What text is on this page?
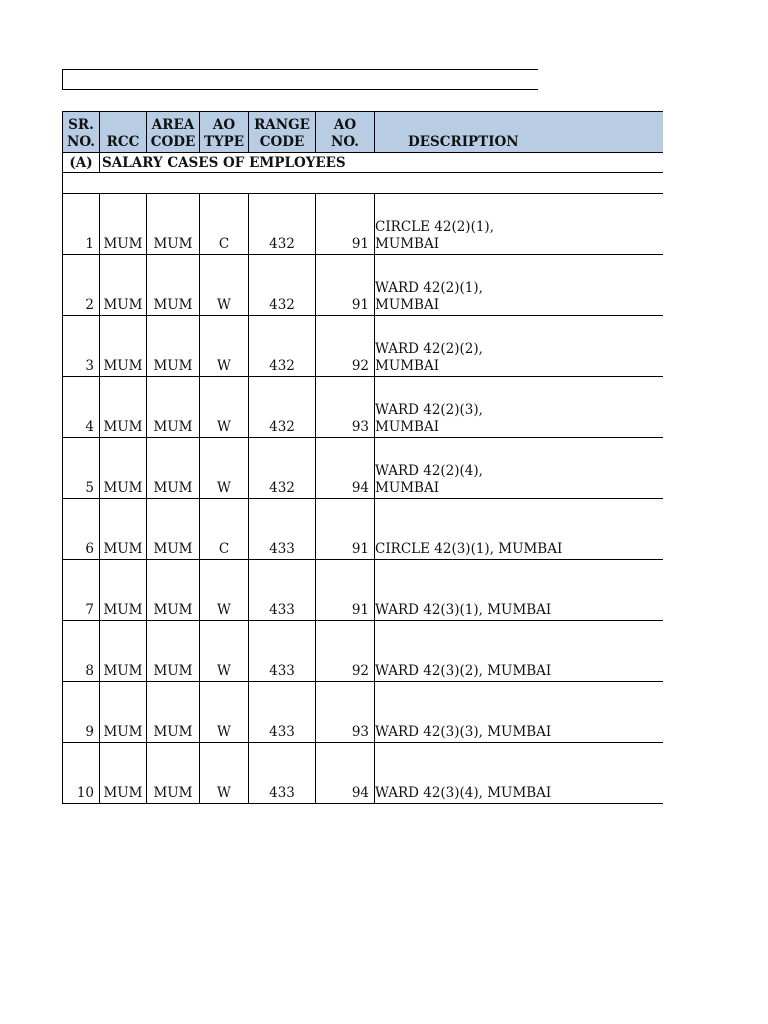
(A)	SALARY CASES OF EMPLOYEES					

SR. NO.	RCC	AREA CODE	AO TYPE	RANGE CODE	AO NO.	DESCRIPTION
1	MUM	MUM	C	432	91	CIRCLE 42(2)(1), MUMBAI

2	MUM	MUM	W	432	91	WARD 42(2)(1), MUMBAI

3	MUM	MUM	W	432	92	WARD 42(2)(2), MUMBAI

4	MUM	MUM	W	432	93	WARD 42(2)(3), MUMBAI

5	MUM	MUM	W	432	94	WARD 42(2)(4), MUMBAI

6	MUM	MUM	C	433	91	CIRCLE 42(3)(1), MUMBAI

7	MUM	MUM	W	433	91	WARD 42(3)(1), MUMBAI

8	MUM	MUM	W	433	92	WARD 42(3)(2), MUMBAI

9	MUM	MUM	W	433	93	WARD 42(3)(3), MUMBAI

10	MUM	MUM	W	433	94	WARD 42(3)(4), MUMBAI
